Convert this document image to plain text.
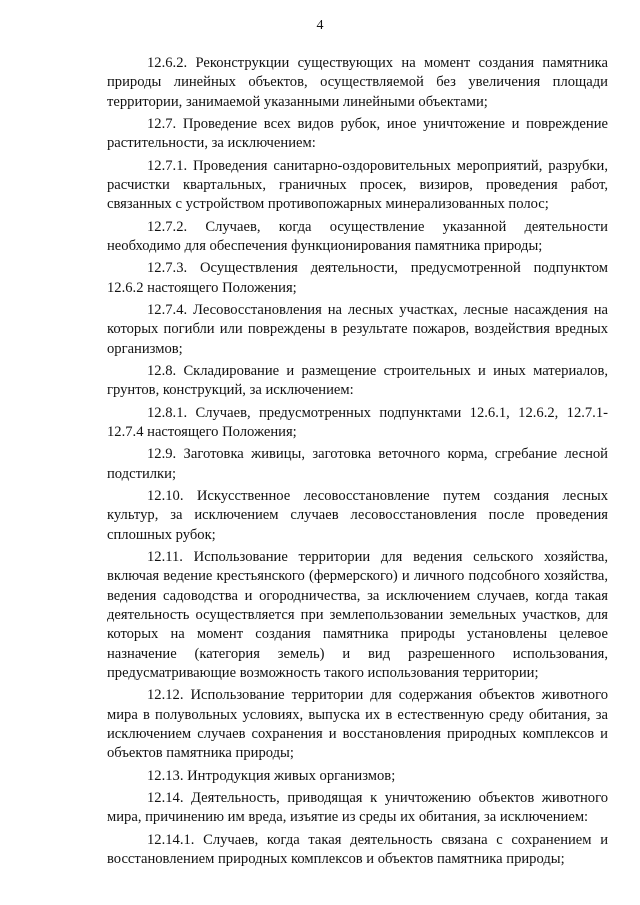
4

12.6.2. Реконструкции существующих на момент создания памятника природы линейных объектов, осуществляемой без увеличения площади территории, занимаемой указанными линейными объектами;

12.7. Проведение всех видов рубок, иное уничтожение и повреждение растительности, за исключением:

12.7.1. Проведения санитарно-оздоровительных мероприятий, разрубки, расчистки квартальных, граничных просек, визиров, проведения работ, связанных с устройством противопожарных минерализованных полос;

12.7.2. Случаев, когда осуществление указанной деятельности необходимо для обеспечения функционирования памятника природы;

12.7.3. Осуществления деятельности, предусмотренной подпунктом 12.6.2 настоящего Положения;

12.7.4. Лесовосстановления на лесных участках, лесные насаждения на которых погибли или повреждены в результате пожаров, воздействия вредных организмов;

12.8. Складирование и размещение строительных и иных материалов, грунтов, конструкций, за исключением:

12.8.1. Случаев, предусмотренных подпунктами 12.6.1, 12.6.2, 12.7.1-12.7.4 настоящего Положения;

12.9. Заготовка живицы, заготовка веточного корма, сгребание лесной подстилки;

12.10. Искусственное лесовосстановление путем создания лесных культур, за исключением случаев лесовосстановления после проведения сплошных рубок;

12.11. Использование территории для ведения сельского хозяйства, включая ведение крестьянского (фермерского) и личного подсобного хозяйства, ведения садоводства и огородничества, за исключением случаев, когда такая деятельность осуществляется при землепользовании земельных участков, для которых на момент создания памятника природы установлены целевое назначение (категория земель) и вид разрешенного использования, предусматривающие возможность такого использования территории;

12.12. Использование территории для содержания объектов животного мира в полувольных условиях, выпуска их в естественную среду обитания, за исключением случаев сохранения и восстановления природных комплексов и объектов памятника природы;

12.13. Интродукция живых организмов;

12.14. Деятельность, приводящая к уничтожению объектов животного мира, причинению им вреда, изъятие из среды их обитания, за исключением:

12.14.1. Случаев, когда такая деятельность связана с сохранением и восстановлением природных комплексов и объектов памятника природы;
